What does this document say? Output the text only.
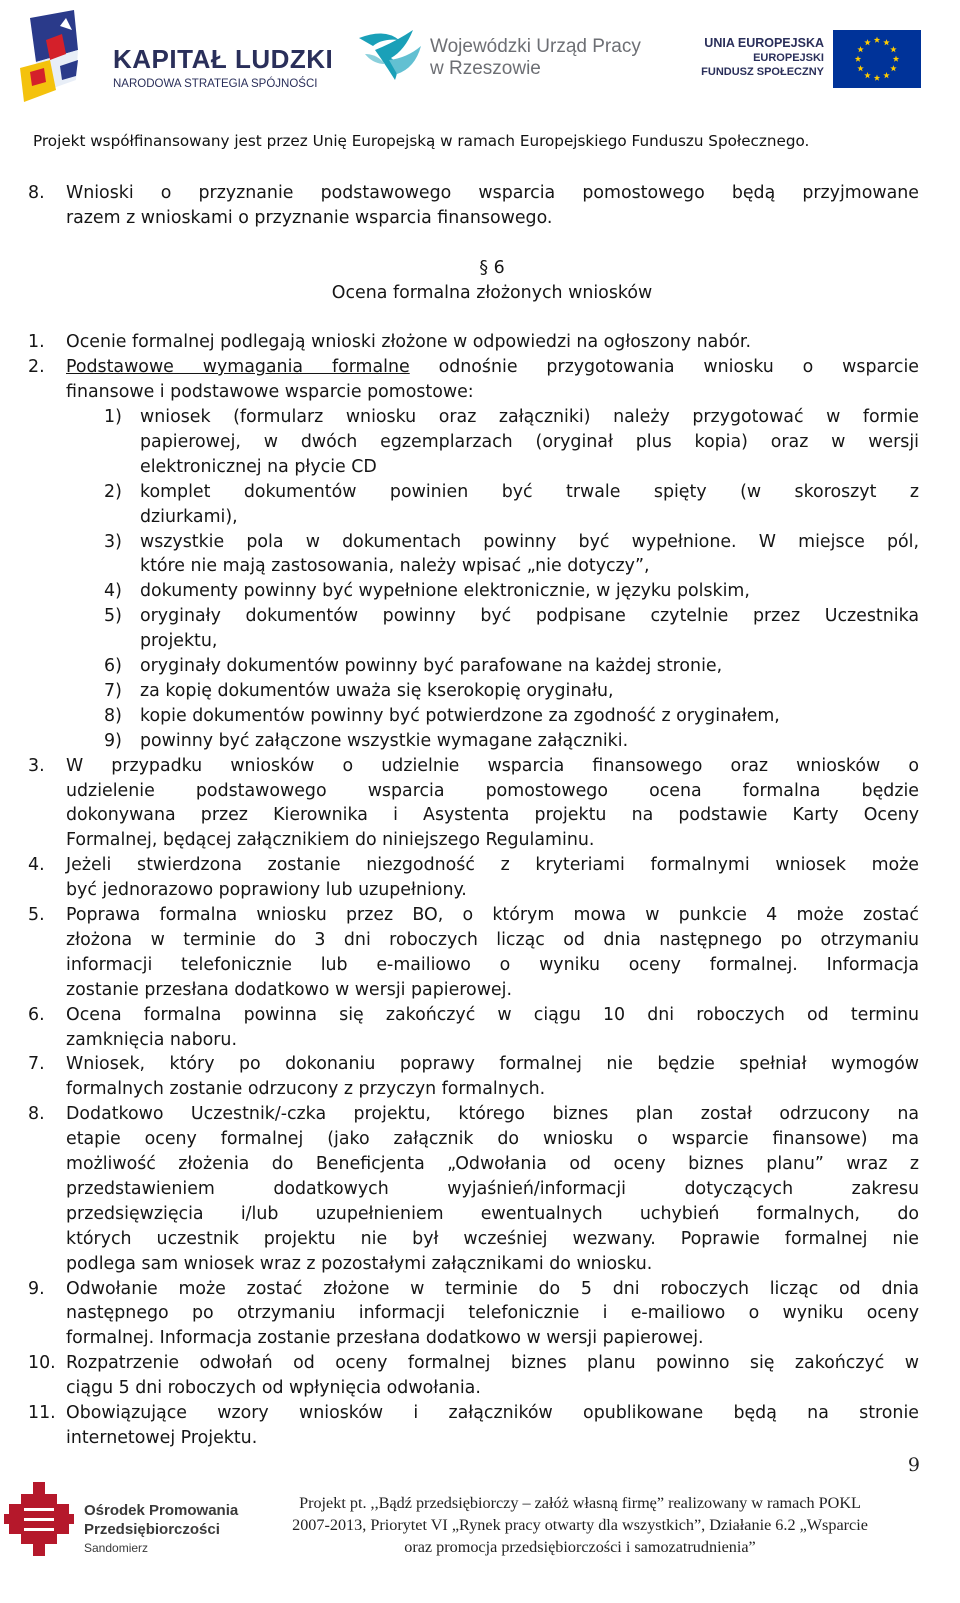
KAPITAŁ LUDZKI
NARODOWA STRATEGIA SPÓJNOŚCI
Wojewódzki Urząd Pracy
w Rzeszowie
UNIA EUROPEJSKA
EUROPEJSKI
FUNDUSZ SPOŁECZNY
Projekt współfinansowany jest przez Unię Europejską w ramach Europejskiego Funduszu Społecznego.
8. Wnioski o przyznanie podstawowego wsparcia pomostowego będą przyjmowane
razem z wnioskami o przyznanie wsparcia finansowego.
§ 6
Ocena formalna złożonych wniosków
1. Ocenie formalnej podlegają wnioski złożone w odpowiedzi na ogłoszony nabór.
2. Podstawowe wymagania formalne odnośnie przygotowania wniosku o wsparcie
finansowe i podstawowe wsparcie pomostowe:
1) wniosek (formularz wniosku oraz załączniki) należy przygotować w formie
papierowej, w dwóch egzemplarzach (oryginał plus kopia) oraz w wersji
elektronicznej na płycie CD
2) komplet dokumentów powinien być trwale spięty (w skoroszyt z
dziurkami),
3) wszystkie pola w dokumentach powinny być wypełnione. W miejsce pól,
które nie mają zastosowania, należy wpisać „nie dotyczy”,
4) dokumenty powinny być wypełnione elektronicznie, w języku polskim,
5) oryginały dokumentów powinny być podpisane czytelnie przez Uczestnika
projektu,
6) oryginały dokumentów powinny być parafowane na każdej stronie,
7) za kopię dokumentów uważa się kserokopię oryginału,
8) kopie dokumentów powinny być potwierdzone za zgodność z oryginałem,
9) powinny być załączone wszystkie wymagane załączniki.
3. W przypadku wniosków o udzielnie wsparcia finansowego oraz wniosków o
udzielenie podstawowego wsparcia pomostowego ocena formalna będzie
dokonywana przez Kierownika i Asystenta projektu na podstawie Karty Oceny
Formalnej, będącej załącznikiem do niniejszego Regulaminu.
4. Jeżeli stwierdzona zostanie niezgodność z kryteriami formalnymi wniosek może
być jednorazowo poprawiony lub uzupełniony.
5. Poprawa formalna wniosku przez BO, o którym mowa w punkcie 4 może zostać
złożona w terminie do 3 dni roboczych licząc od dnia następnego po otrzymaniu
informacji telefonicznie lub e-mailiowo o wyniku oceny formalnej. Informacja
zostanie przesłana dodatkowo w wersji papierowej.
6. Ocena formalna powinna się zakończyć w ciągu 10 dni roboczych od terminu
zamknięcia naboru.
7. Wniosek, który po dokonaniu poprawy formalnej nie będzie spełniał wymogów
formalnych zostanie odrzucony z przyczyn formalnych.
8. Dodatkowo Uczestnik/-czka projektu, którego biznes plan został odrzucony na
etapie oceny formalnej (jako załącznik do wniosku o wsparcie finansowe) ma
możliwość złożenia do Beneficjenta „Odwołania od oceny biznes planu” wraz z
przedstawieniem dodatkowych wyjaśnień/informacji dotyczących zakresu
przedsięwzięcia i/lub uzupełnieniem ewentualnych uchybień formalnych, do
których uczestnik projektu nie był wcześniej wezwany. Poprawie formalnej nie
podlega sam wniosek wraz z pozostałymi załącznikami do wniosku.
9. Odwołanie może zostać złożone w terminie do 5 dni roboczych licząc od dnia
następnego po otrzymaniu informacji telefonicznie i e-mailiowo o wyniku oceny
formalnej. Informacja zostanie przesłana dodatkowo w wersji papierowej.
10. Rozpatrzenie odwołań od oceny formalnej biznes planu powinno się zakończyć w
ciągu 5 dni roboczych od wpłynięcia odwołania.
11. Obowiązujące wzory wniosków i załączników opublikowane będą na stronie
internetowej Projektu.
9
Ośrodek Promowania
Przedsiębiorczości
Sandomierz
Projekt pt. ,,Bądź przedsiębiorczy – załóż własną firmę” realizowany w ramach POKL
2007-2013, Priorytet VI „Rynek pracy otwarty dla wszystkich”, Działanie 6.2 „Wsparcie
oraz promocja przedsiębiorczości i samozatrudnienia”
